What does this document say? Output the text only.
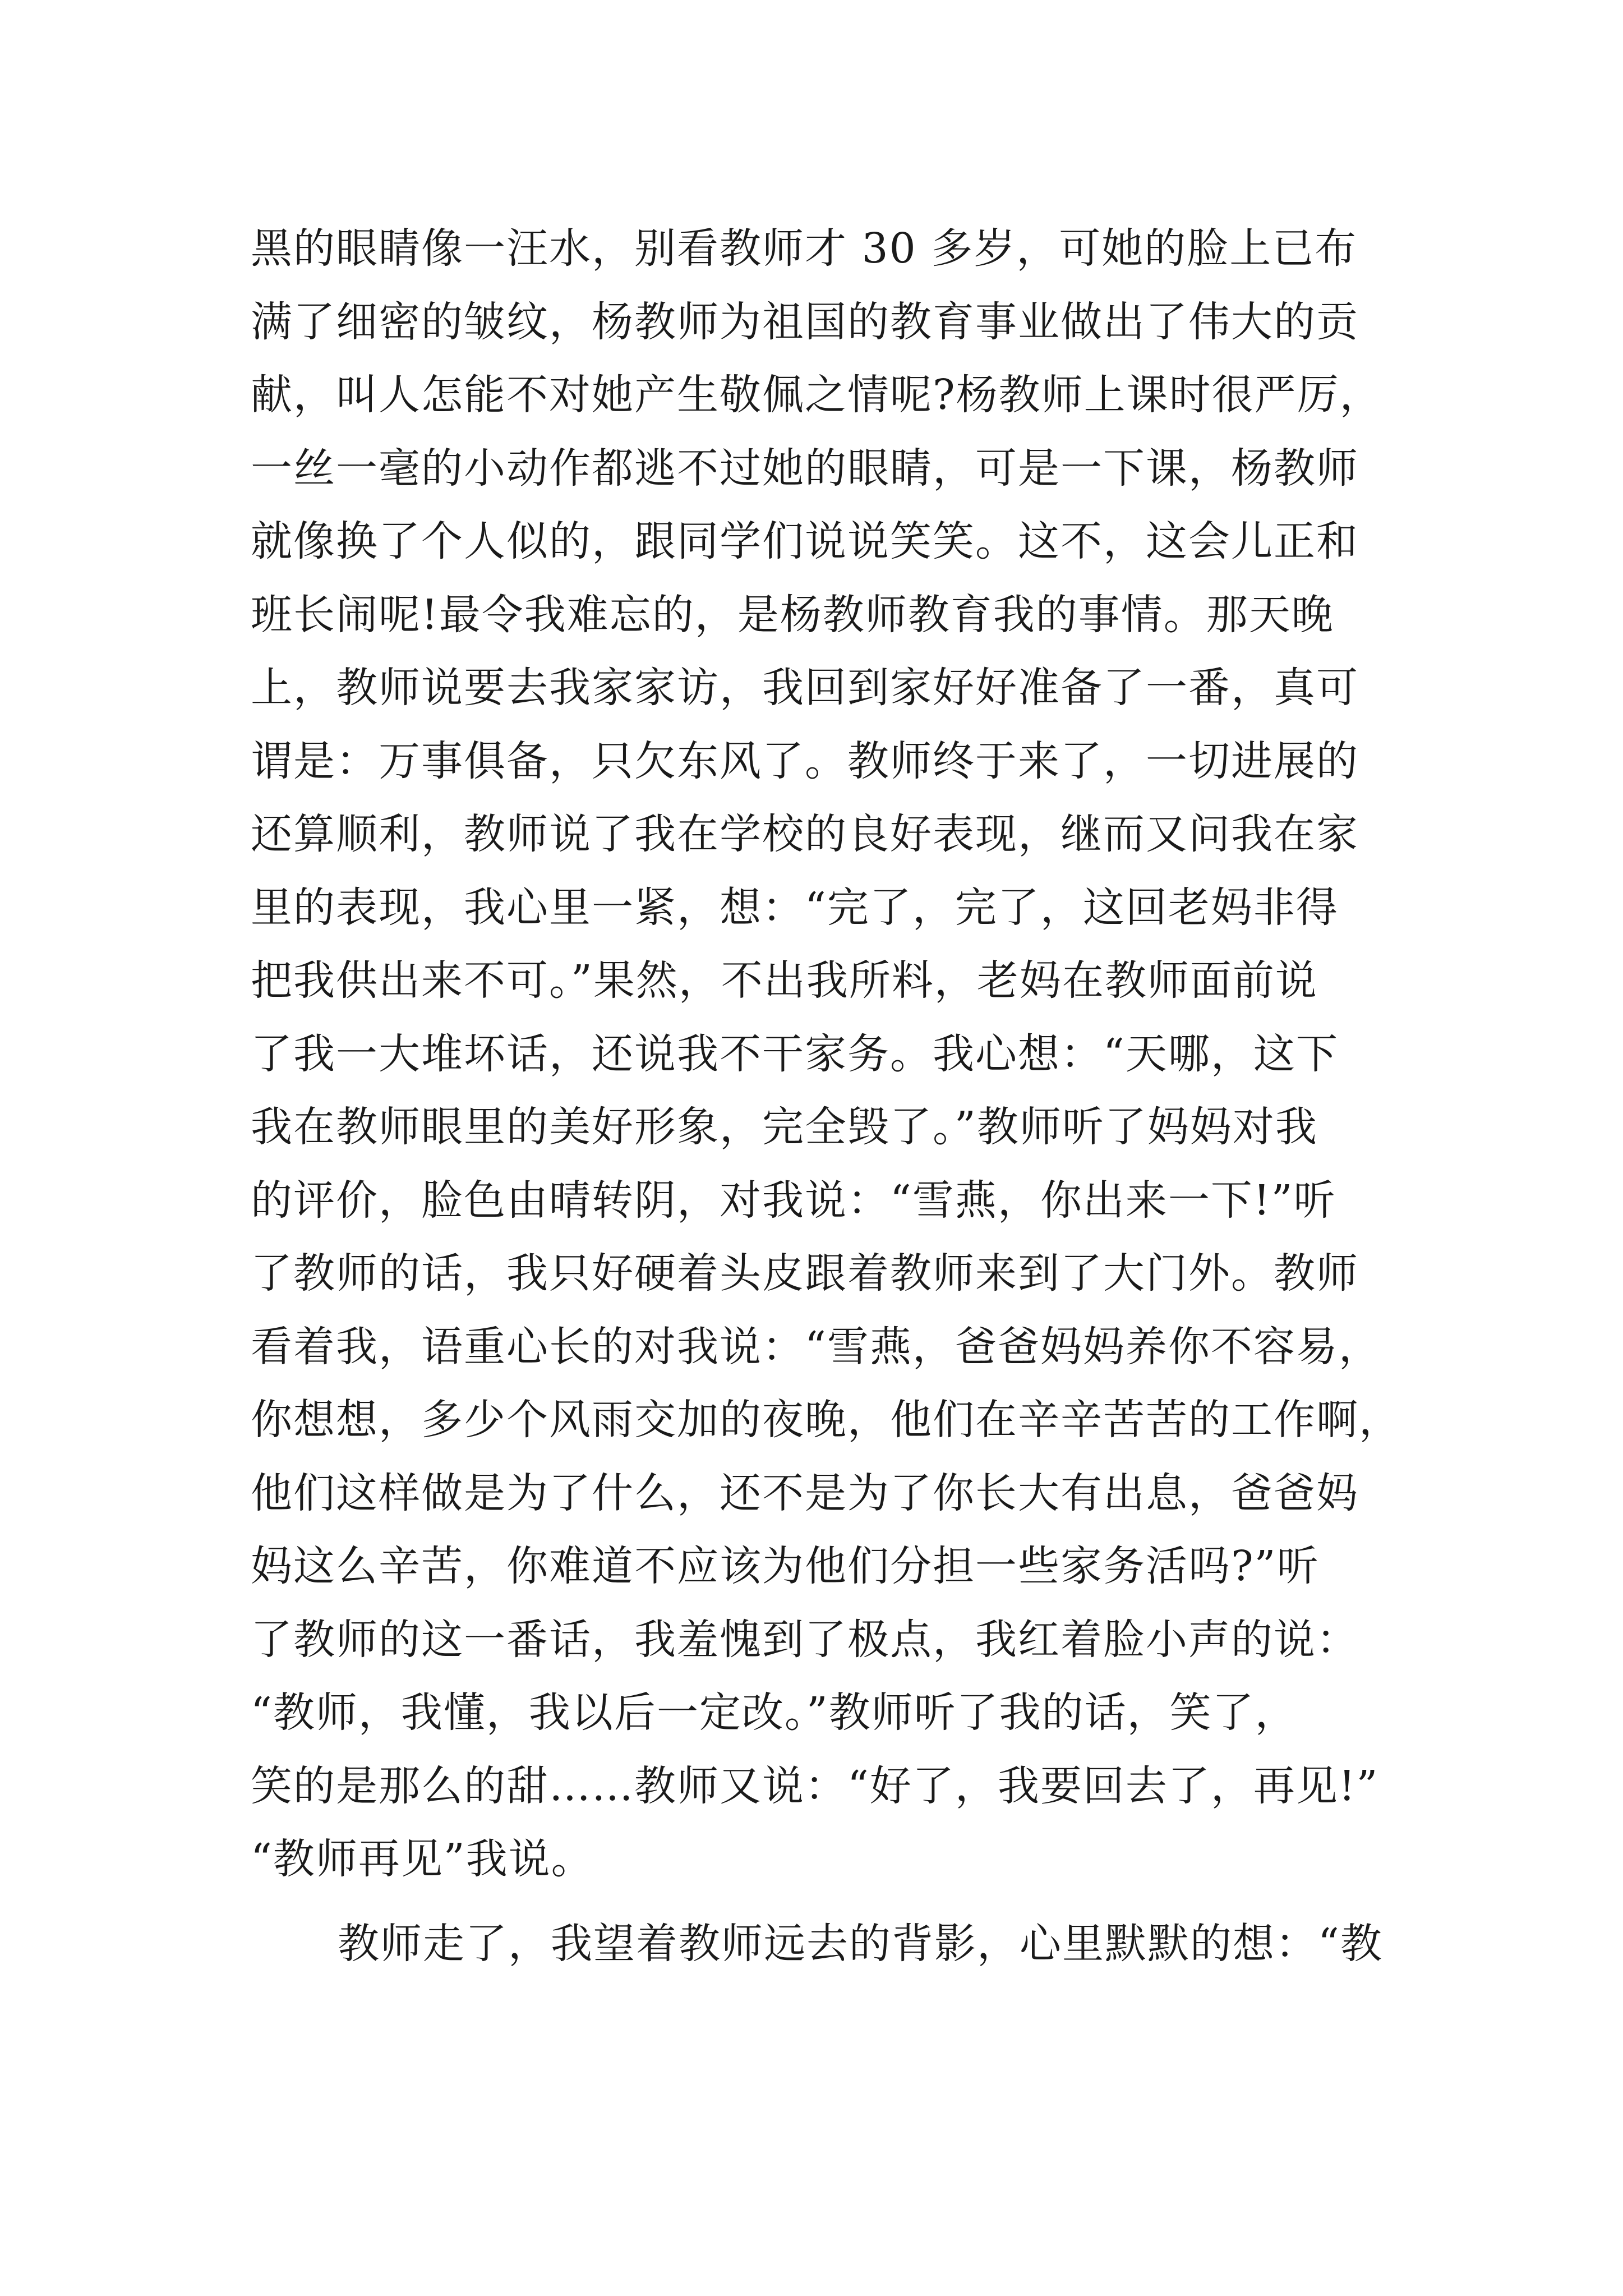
黑的眼睛像一汪水，别看教师才 30 多岁，可她的脸上已布
满了细密的皱纹，杨教师为祖国的教育事业做出了伟大的贡
献，叫人怎能不对她产生敬佩之情呢?杨教师上课时很严厉，
一丝一毫的小动作都逃不过她的眼睛，可是一下课，杨教师
就像换了个人似的，跟同学们说说笑笑。这不，这会儿正和
班长闹呢!最令我难忘的，是杨教师教育我的事情。那天晚
上，教师说要去我家家访，我回到家好好准备了一番，真可
谓是：万事俱备，只欠东风了。教师终于来了，一切进展的
还算顺利，教师说了我在学校的良好表现，继而又问我在家
里的表现，我心里一紧，想：“完了，完了，这回老妈非得
把我供出来不可。”果然，不出我所料，老妈在教师面前说
了我一大堆坏话，还说我不干家务。我心想：“天哪，这下
我在教师眼里的美好形象，完全毁了。”教师听了妈妈对我
的评价，脸色由晴转阴，对我说：“雪燕，你出来一下!”听
了教师的话，我只好硬着头皮跟着教师来到了大门外。教师
看着我，语重心长的对我说：“雪燕，爸爸妈妈养你不容易，
你想想，多少个风雨交加的夜晚，他们在辛辛苦苦的工作啊，
他们这样做是为了什么，还不是为了你长大有出息，爸爸妈
妈这么辛苦，你难道不应该为他们分担一些家务活吗?”听
了教师的这一番话，我羞愧到了极点，我红着脸小声的说：
“教师，我懂，我以后一定改。”教师听了我的话，笑了，
笑的是那么的甜……教师又说：“好了，我要回去了，再见!”
“教师再见”我说。
教师走了，我望着教师远去的背影，心里默默的想：“教
